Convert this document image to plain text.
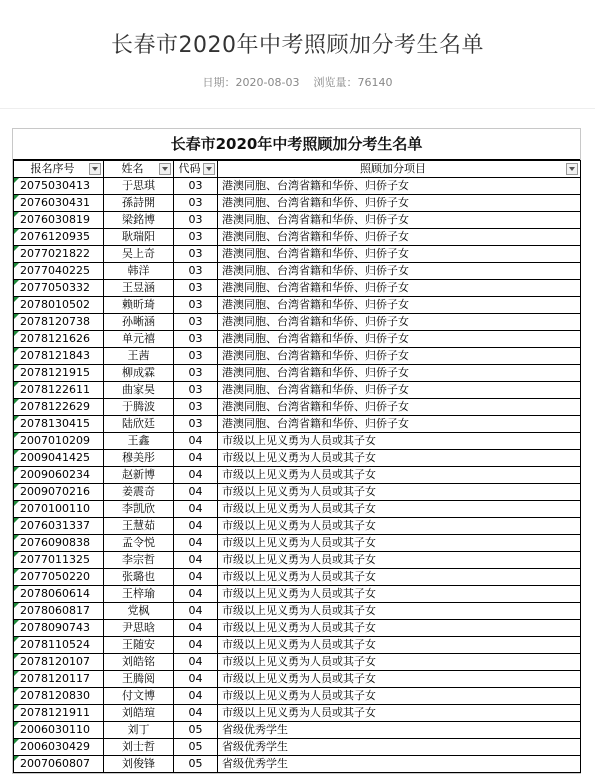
长春市2020年中考照顾加分考生名单
日期：2020-08-03 浏览量：76140
长春市2020年中考照顾加分考生名单
报名序号	姓名	代码	照顾加分项目

2075030413	于思琪	03	港澳同胞、台湾省籍和华侨、归侨子女
2076030431	孫詩開	03	港澳同胞、台湾省籍和华侨、归侨子女
2076030819	梁銘博	03	港澳同胞、台湾省籍和华侨、归侨子女
2076120935	耿瑞阳	03	港澳同胞、台湾省籍和华侨、归侨子女
2077021822	吴上奇	03	港澳同胞、台湾省籍和华侨、归侨子女
2077040225	韩洋	03	港澳同胞、台湾省籍和华侨、归侨子女
2077050332	王昱涵	03	港澳同胞、台湾省籍和华侨、归侨子女
2078010502	赖昕琦	03	港澳同胞、台湾省籍和华侨、归侨子女
2078120738	孙晰涵	03	港澳同胞、台湾省籍和华侨、归侨子女
2078121626	单元禧	03	港澳同胞、台湾省籍和华侨、归侨子女
2078121843	王茜	03	港澳同胞、台湾省籍和华侨、归侨子女
2078121915	柳成霖	03	港澳同胞、台湾省籍和华侨、归侨子女
2078122611	曲家昊	03	港澳同胞、台湾省籍和华侨、归侨子女
2078122629	于腾波	03	港澳同胞、台湾省籍和华侨、归侨子女
2078130415	陆欣廷	03	港澳同胞、台湾省籍和华侨、归侨子女
2007010209	王鑫	04	市级以上见义勇为人员或其子女
2009041425	穆美彤	04	市级以上见义勇为人员或其子女
2009060234	赵新博	04	市级以上见义勇为人员或其子女
2009070216	姜震奇	04	市级以上见义勇为人员或其子女
2070100110	李凯欣	04	市级以上见义勇为人员或其子女
2076031337	王慧茹	04	市级以上见义勇为人员或其子女
2076090838	孟令悦	04	市级以上见义勇为人员或其子女
2077011325	李宗哲	04	市级以上见义勇为人员或其子女
2077050220	张璐也	04	市级以上见义勇为人员或其子女
2078060614	王梓瑜	04	市级以上见义勇为人员或其子女
2078060817	党枫	04	市级以上见义勇为人员或其子女
2078090743	尹思晗	04	市级以上见义勇为人员或其子女
2078110524	王随安	04	市级以上见义勇为人员或其子女
2078120107	刘皓铭	04	市级以上见义勇为人员或其子女
2078120117	王腾阅	04	市级以上见义勇为人员或其子女
2078120830	付文博	04	市级以上见义勇为人员或其子女
2078121911	刘皓瑄	04	市级以上见义勇为人员或其子女
2006030110	刘丁	05	省级优秀学生
2006030429	刘士哲	05	省级优秀学生
2007060807	刘俊锋	05	省级优秀学生
